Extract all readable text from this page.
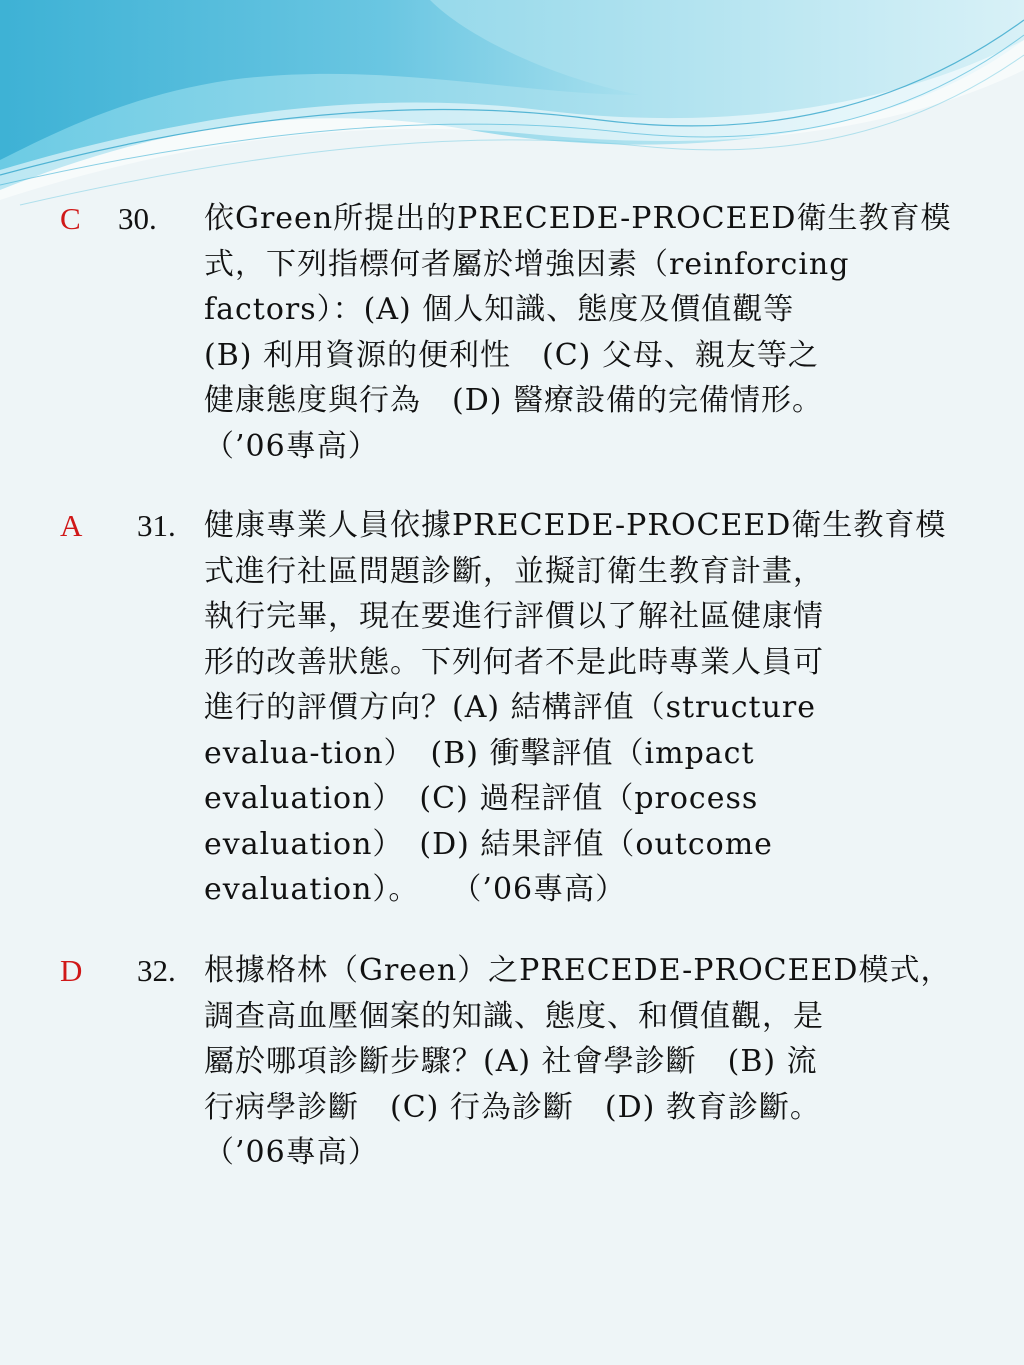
C 30. 依Green所提出的PRECEDE-PROCEED衛生教育模
式，下列指標何者屬於增強因素（reinforcing
factors）：(A) 個人知識、態度及價值觀等
(B) 利用資源的便利性　(C) 父母、親友等之
健康態度與行為　(D) 醫療設備的完備情形。
（’06專高）

A 31. 健康專業人員依據PRECEDE-PROCEED衛生教育模
式進行社區問題診斷，並擬訂衛生教育計畫，
執行完畢，現在要進行評價以了解社區健康情
形的改善狀態。下列何者不是此時專業人員可
進行的評價方向？(A) 結構評值（structure
evalua-tion）　(B) 衝擊評值（impact
evaluation）　(C) 過程評值（process
evaluation）　(D) 結果評值（outcome
evaluation）。　　（’06專高）

D 32. 根據格林（Green）之PRECEDE-PROCEED模式，
調查高血壓個案的知識、態度、和價值觀，是
屬於哪項診斷步驟？(A) 社會學診斷　(B) 流
行病學診斷　(C) 行為診斷　(D) 教育診斷。
（’06專高）
